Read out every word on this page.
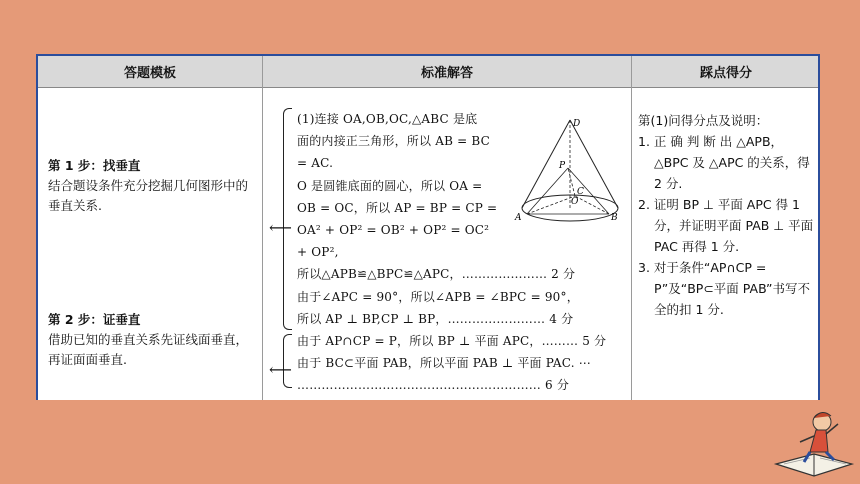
答题模板	标准解答	踩点得分
第 1 步：找垂直
结合题设条件充分挖掘几何图形中的垂直关系.
第 2 步：证垂直
借助已知的垂直关系先证线面垂直，再证面面垂直.
⟵
⟵
(1)连接 OA,OB,OC,△ABC 是底
面的内接正三角形，所以 AB = BC
= AC.
O 是圆锥底面的圆心，所以 OA =
OB = OC，所以 AP = BP = CP =
OA² + OP² = OB² + OP² = OC²
+ OP²,
所以△APB≌△BPC≌△APC，………………… 2 分
由于∠APC = 90°，所以∠APB = ∠BPC = 90°，
所以 AP ⊥ BP,CP ⊥ BP，…………………… 4 分
由于 AP∩CP = P，所以 BP ⊥ 平面 APC，……… 5 分
由于 BC⊂平面 PAB，所以平面 PAB ⊥ 平面 PAC. ⋯
…………………………………………………… 6 分
D
P
O
A	B
C
第(1)问得分点及说明：
1. 正 确 判 断 出 △APB，△BPC 及 △APC 的关系，得 2 分.
2. 证明 BP ⊥ 平面 APC 得 1 分，并证明平面 PAB ⊥ 平面 PAC 再得 1 分.
3. 对于条件“AP∩CP = P”及“BP⊂平面 PAB”书写不全的扣 1 分.
